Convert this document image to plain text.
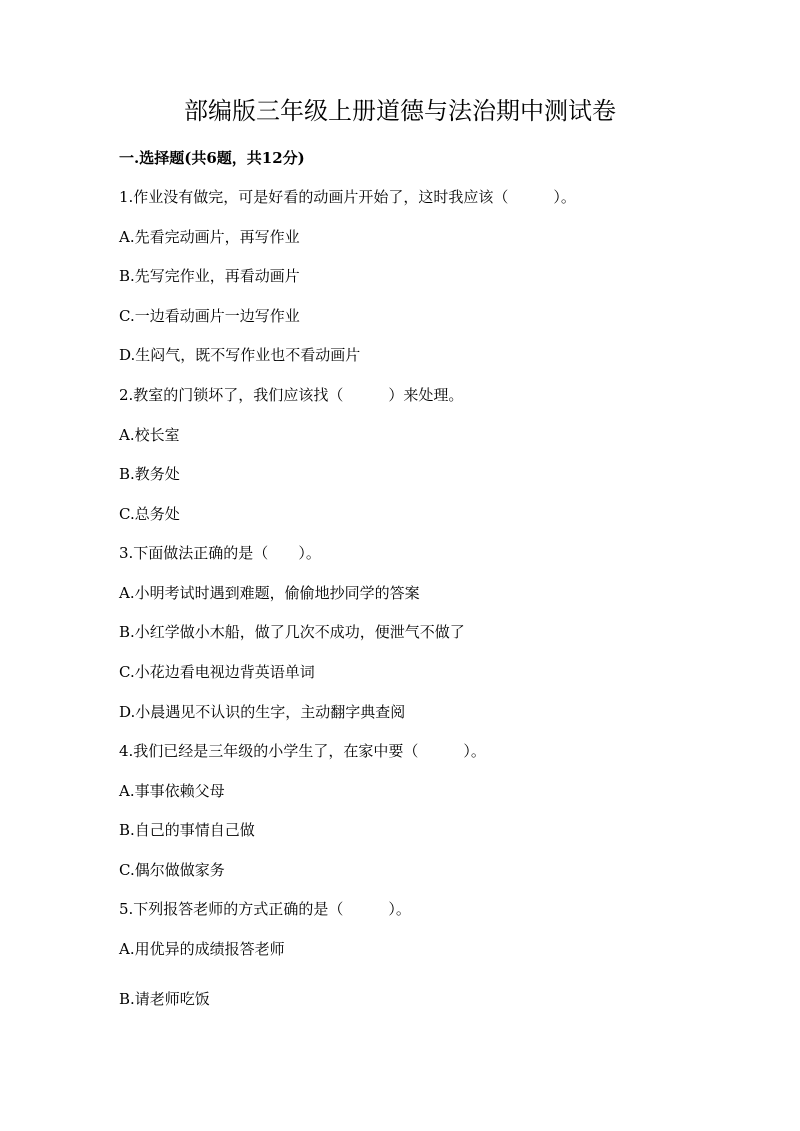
部编版三年级上册道德与法治期中测试卷
一.选择题(共6题，共12分)
1.作业没有做完，可是好看的动画片开始了，这时我应该（　　　）。
A.先看完动画片，再写作业
B.先写完作业，再看动画片
C.一边看动画片一边写作业
D.生闷气，既不写作业也不看动画片
2.教室的门锁坏了，我们应该找（　　　）来处理。
A.校长室
B.教务处
C.总务处
3.下面做法正确的是（　　）。
A.小明考试时遇到难题，偷偷地抄同学的答案
B.小红学做小木船，做了几次不成功，便泄气不做了
C.小花边看电视边背英语单词
D.小晨遇见不认识的生字，主动翻字典查阅
4.我们已经是三年级的小学生了，在家中要（　　　）。
A.事事依赖父母
B.自己的事情自己做
C.偶尔做做家务
5.下列报答老师的方式正确的是（　　　）。
A.用优异的成绩报答老师
B.请老师吃饭
